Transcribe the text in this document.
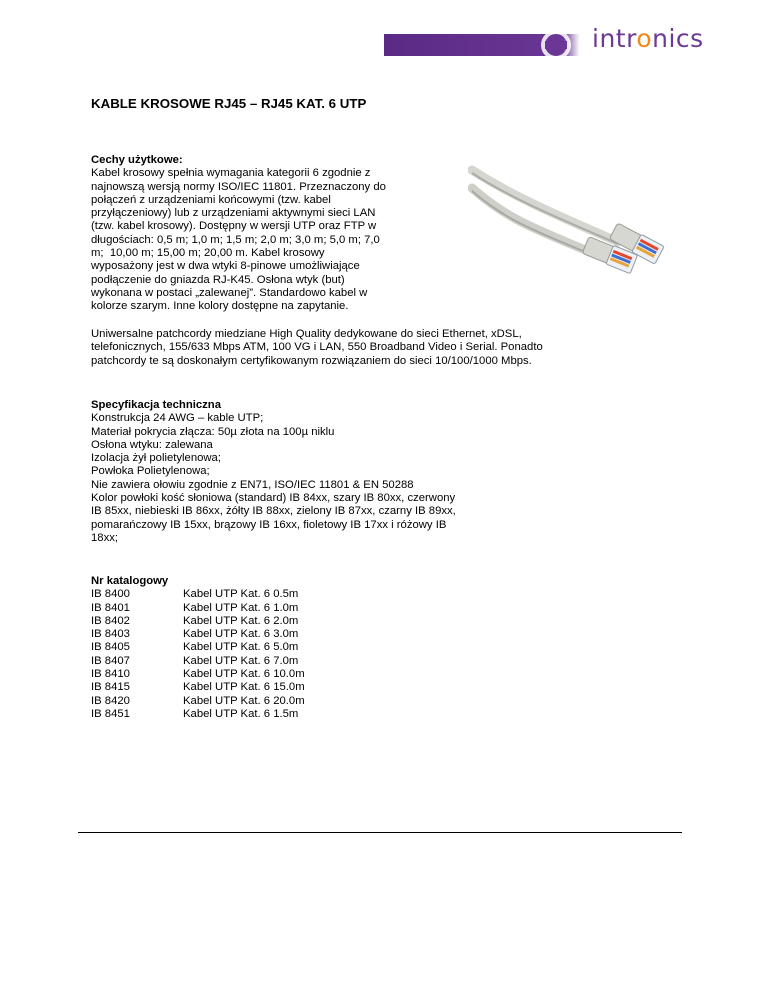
intronics
KABLE KROSOWE RJ45 – RJ45 KAT. 6 UTP
Cechy użytkowe:
Kabel krosowy spełnia wymagania kategorii 6 zgodnie z
najnowszą wersją normy ISO/IEC 11801. Przeznaczony do
połączeń z urządzeniami końcowymi (tzw. kabel
przyłączeniowy) lub z urządzeniami aktywnymi sieci LAN
(tzw. kabel krosowy). Dostępny w wersji UTP oraz FTP w
długościach: 0,5 m; 1,0 m; 1,5 m; 2,0 m; 3,0 m; 5,0 m; 7,0
m;  10,00 m; 15,00 m; 20,00 m. Kabel krosowy
wyposażony jest w dwa wtyki 8-pinowe umożliwiające
podłączenie do gniazda RJ-K45. Osłona wtyk (but)
wykonana w postaci „zalewanej”. Standardowo kabel w
kolorze szarym. Inne kolory dostępne na zapytanie.
Uniwersalne patchcordy miedziane High Quality dedykowane do sieci Ethernet, xDSL,
telefonicznych, 155/633 Mbps ATM, 100 VG i LAN, 550 Broadband Video i Serial. Ponadto
patchcordy te są doskonałym certyfikowanym rozwiązaniem do sieci 10/100/1000 Mbps.
Specyfikacja techniczna
Konstrukcja 24 AWG – kable UTP;
Materiał pokrycia złącza: 50µ złota na 100µ niklu
Osłona wtyku: zalewana
Izolacja żył polietylenowa;
Powłoka Polietylenowa;
Nie zawiera ołowiu zgodnie z EN71, ISO/IEC 11801 & EN 50288
Kolor powłoki kość słoniowa (standard) IB 84xx, szary IB 80xx, czerwony
IB 85xx, niebieski IB 86xx, żółty IB 88xx, zielony IB 87xx, czarny IB 89xx,
pomarańczowy IB 15xx, brązowy IB 16xx, fioletowy IB 17xx i różowy IB
18xx;
Nr katalogowy
IB 8400	Kabel UTP Kat. 6 0.5m
IB 8401	Kabel UTP Kat. 6 1.0m
IB 8402	Kabel UTP Kat. 6 2.0m
IB 8403	Kabel UTP Kat. 6 3.0m
IB 8405	Kabel UTP Kat. 6 5.0m
IB 8407	Kabel UTP Kat. 6 7.0m
IB 8410	Kabel UTP Kat. 6 10.0m
IB 8415	Kabel UTP Kat. 6 15.0m
IB 8420	Kabel UTP Kat. 6 20.0m
IB 8451	Kabel UTP Kat. 6 1.5m
